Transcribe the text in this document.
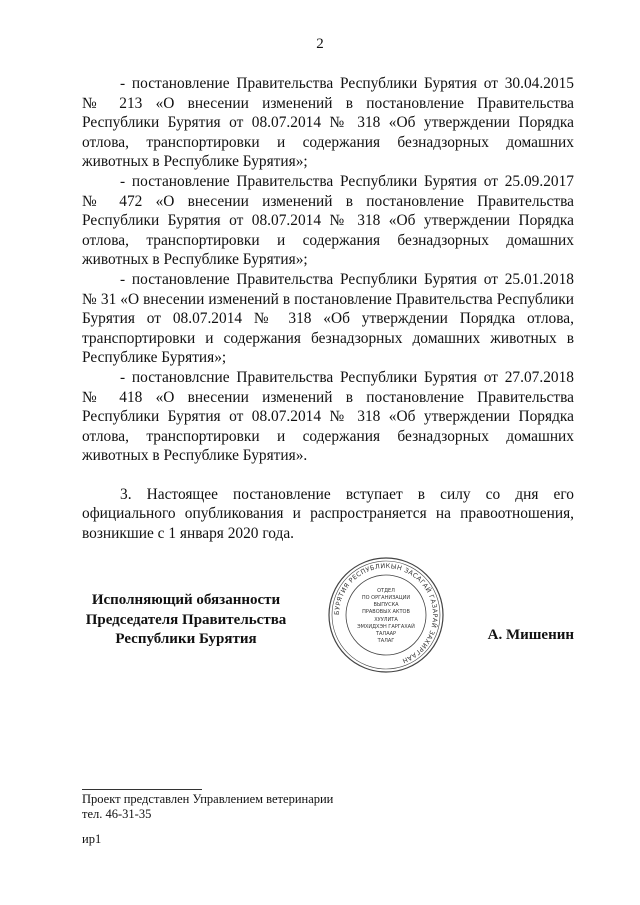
2

- постановление Правительства Республики Бурятия от 30.04.2015 № 213 «О внесении изменений в постановление Правительства Республики Бурятия от 08.07.2014 № 318 «Об утверждении Порядка отлова, транспортировки и содержания безнадзорных домашних животных в Республике Бурятия»;

- постановление Правительства Республики Бурятия от 25.09.2017 № 472 «О внесении изменений в постановление Правительства Республики Бурятия от 08.07.2014 № 318 «Об утверждении Порядка отлова, транспортировки и содержания безнадзорных домашних животных в Республике Бурятия»;

- постановление Правительства Республики Бурятия от 25.01.2018 № 31 «О внесении изменений в постановление Правительства Республики Бурятия от 08.07.2014 № 318 «Об утверждении Порядка отлова, транспортировки и содержания безнадзорных домашних животных в Республике Бурятия»;

- постановлсние Правительства Республики Бурятия от 27.07.2018 № 418 «О внесении изменений в постановление Правительства Республики Бурятия от 08.07.2014 № 318 «Об утверждении Порядка отлова, транспортировки и содержания безнадзорных домашних животных в Республике Бурятия».

3. Настоящее постановление вступает в силу со дня его официального опубликования и распространяется на правоотношения, возникшие с 1 января 2020 года.

Исполняющий обязанности
Председателя Правительства
Республики Бурятия
БУРЯТИЯ РЕСПУБЛИКЫН ЗАСАГАЙ ГАЗАРАЙ ЗАХИРГААН
ОТДЕЛ
ПО ОРГАНИЗАЦИИ
ВЫПУСКА
ПРАВОВЫХ АКТОВ
ХУУЛИТА
ЭМХИДХЭН ГАРГАХАЙ
ТАЛААР
ТАЛАГ	А. Мишенин
Проект представлен Управлением ветеринарии
тел. 46-31-35
ир1
